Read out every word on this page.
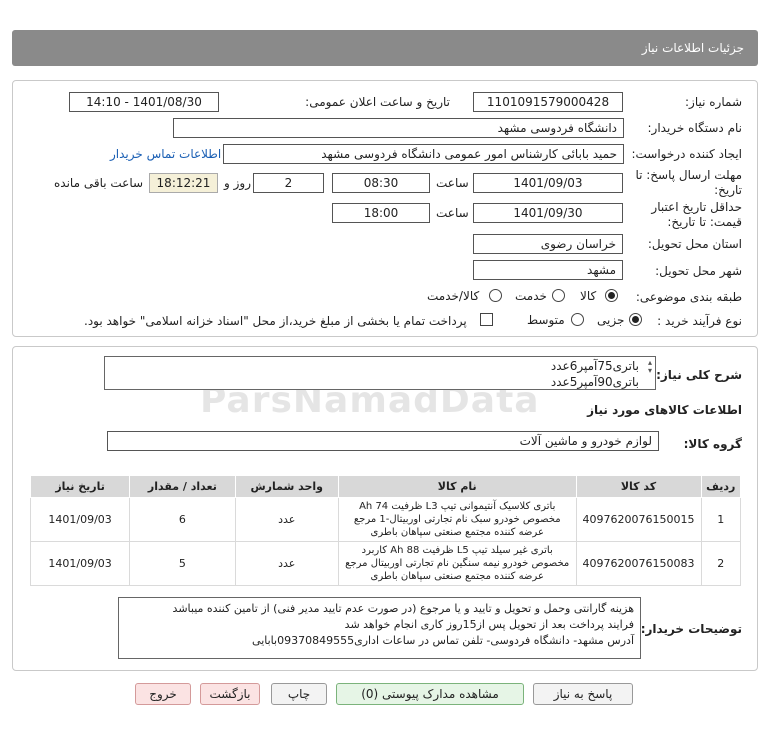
جزئیات اطلاعات نیاز
شماره نیاز:
1101091579000428
تاریخ و ساعت اعلان عمومی:
1401/08/30 - 14:10
نام دستگاه خریدار:
دانشگاه فردوسی مشهد
ایجاد کننده درخواست:
حمید بابائی کارشناس امور عمومی دانشگاه فردوسی مشهد
اطلاعات تماس خریدار
مهلت ارسال پاسخ: تا
تاریخ:
1401/09/03
ساعت
08:30
2
روز و
18:12:21
ساعت باقی مانده
حداقل تاریخ اعتبار
قیمت: تا تاریخ:
1401/09/30
ساعت
18:00
استان محل تحویل:
خراسان رضوی
شهر محل تحویل:
مشهد
طبقه بندی موضوعی:
کالا
خدمت
کالا/خدمت
نوع فرآیند خرید :
جزیی
متوسط
پرداخت تمام یا بخشی از مبلغ خرید،از محل "اسناد خزانه اسلامی" خواهد بود.
شرح کلی نیاز:
باتری75آمپر6عدد
باتری90آمپر5عدد
▴
▾
اطلاعات کالاهای مورد نیاز
گروه کالا:
لوازم خودرو و ماشین آلات
ردیف	کد کالا	نام کالا	واحد شمارش	تعداد / مقدار	تاریخ نیاز
1	4097620076150015	باتری کلاسیک آنتیموانی تیپ L3 ظرفیت 74 Ah مخصوص خودرو سبک نام تجارتی اوربیتال-1 مرجع عرضه کننده مجتمع صنعتی سپاهان باطری	عدد	6	1401/09/03
2	4097620076150083	باتری غیر سیلد تیپ L5 ظرفیت 88 Ah کاربرد مخصوص خودرو نیمه سنگین نام تجارتی اوربیتال مرجع عرضه کننده مجتمع صنعتی سپاهان باطری	عدد	5	1401/09/03
توضیحات خریدار:
هزینه گارانتی وحمل و تحویل و تایید و یا مرجوع (در صورت عدم تایید مدیر فنی) از تامین کننده میباشد
فرایند پرداخت بعد از تحویل پس از15روز کاری انجام خواهد شد
آدرس مشهد- دانشگاه فردوسی- تلفن تماس در ساعات اداری09370849555بابایی
پاسخ به نیاز
مشاهده مدارک پیوستی (0)
چاپ
بازگشت
خروج
